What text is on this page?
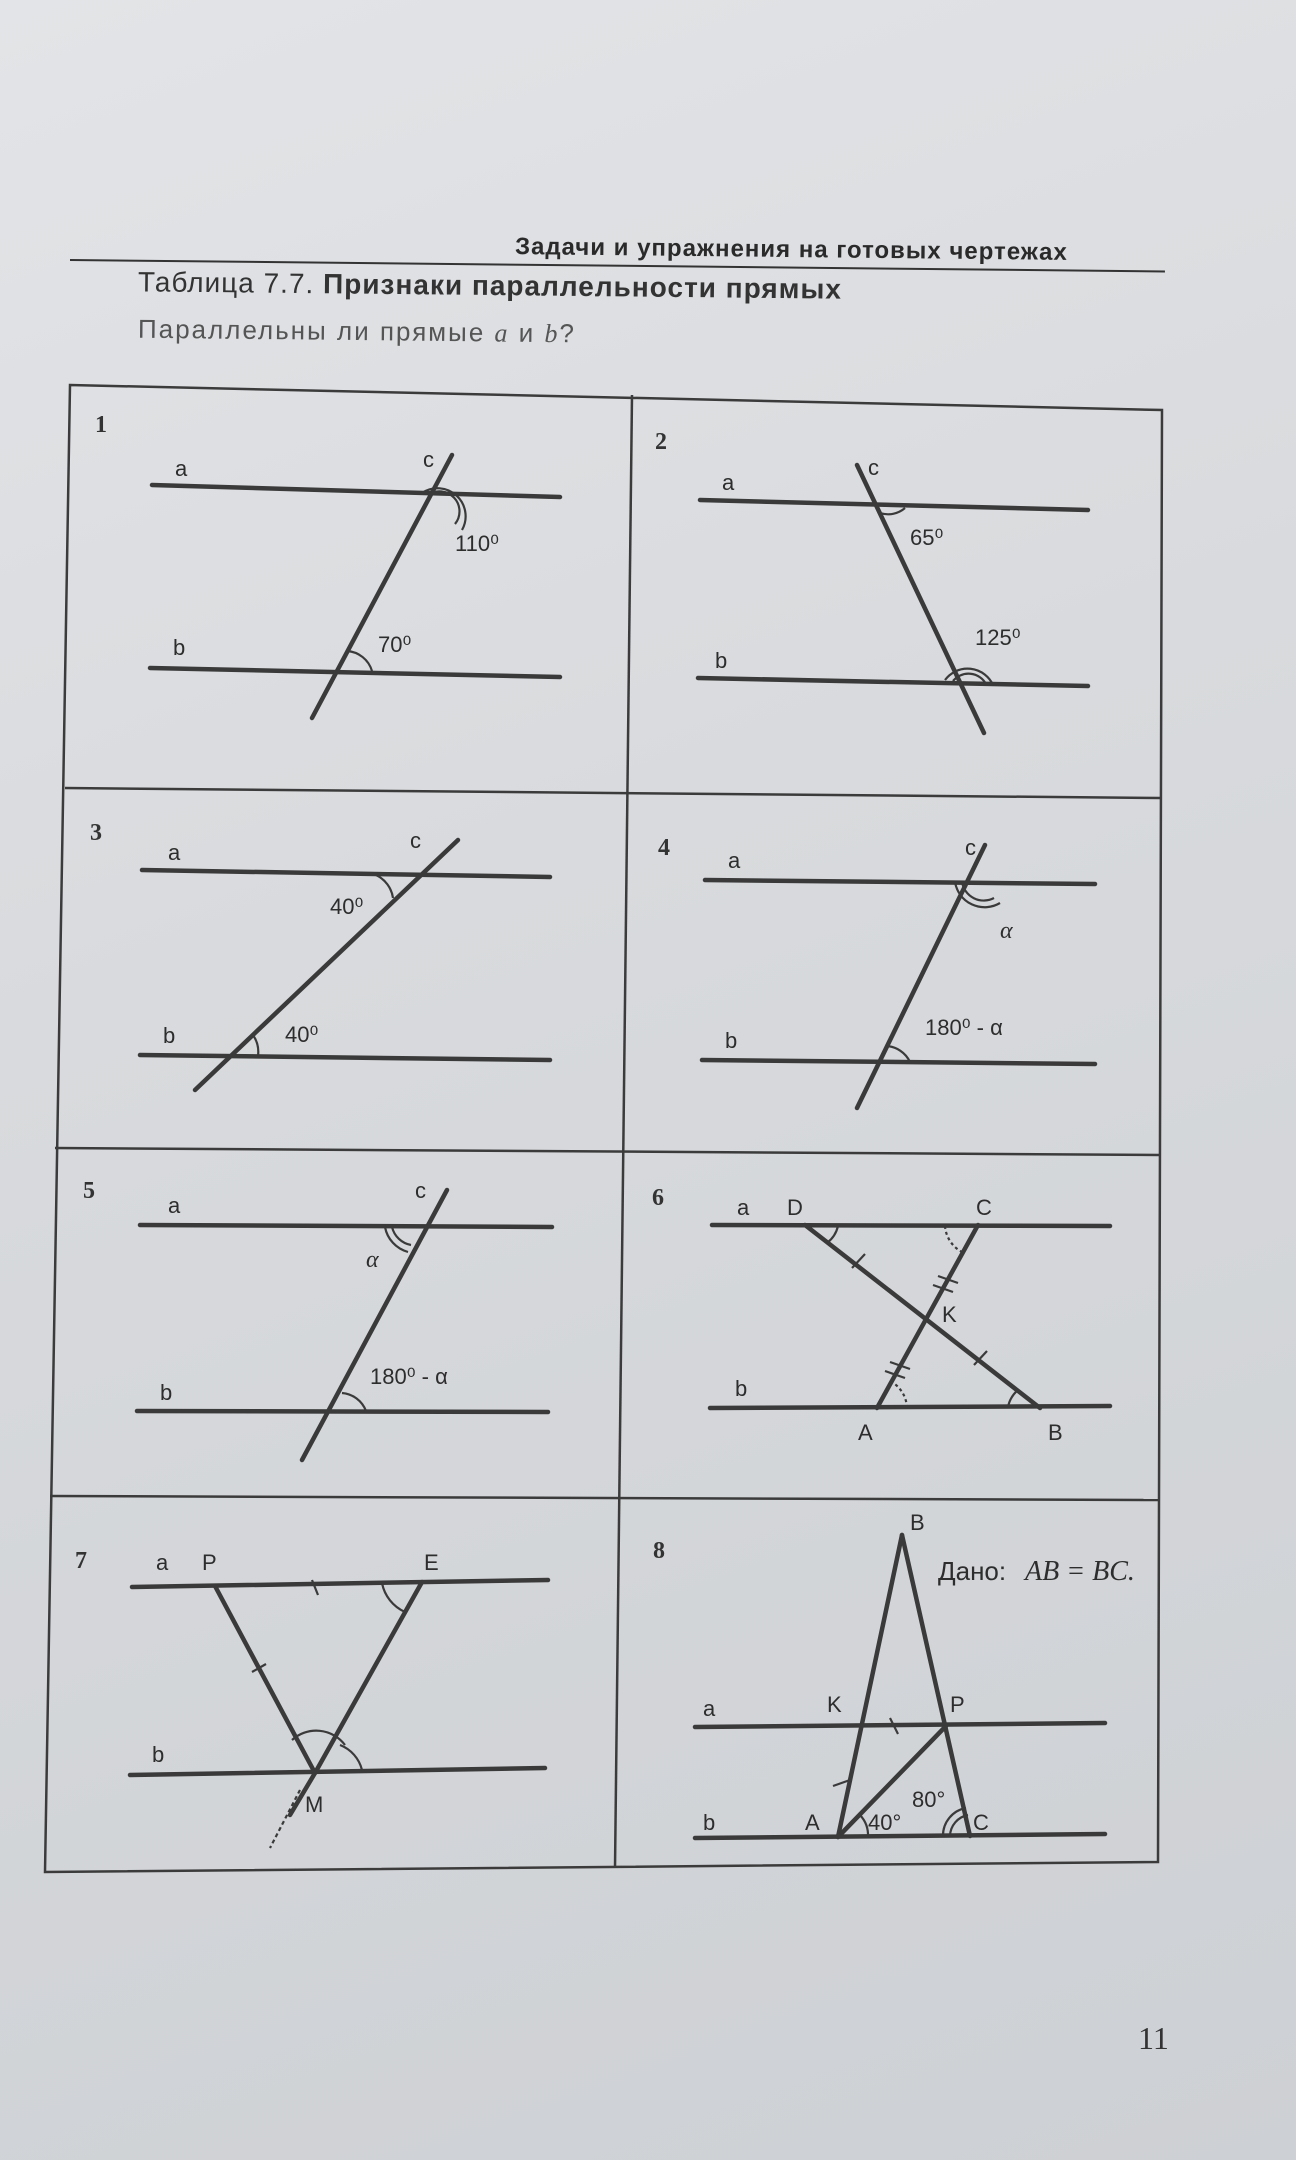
Задачи и упражнения на готовых чертежах
Таблица 7.7. Признаки параллельности прямых
Параллельны ли прямые a и b?
1
a	c
b
110⁰
70⁰
2
a
c
b
65⁰
125⁰
3
a	c
b
40⁰
40⁰
4	a
c
b
α
180⁰ - α
5
a
c
b
α
180⁰ - α
6	a D	C
K
b
A	B
7	a P	E
b
M
8
B
K	P
a
b	A	C
40°
80°
Дано: AB = BC.
11
